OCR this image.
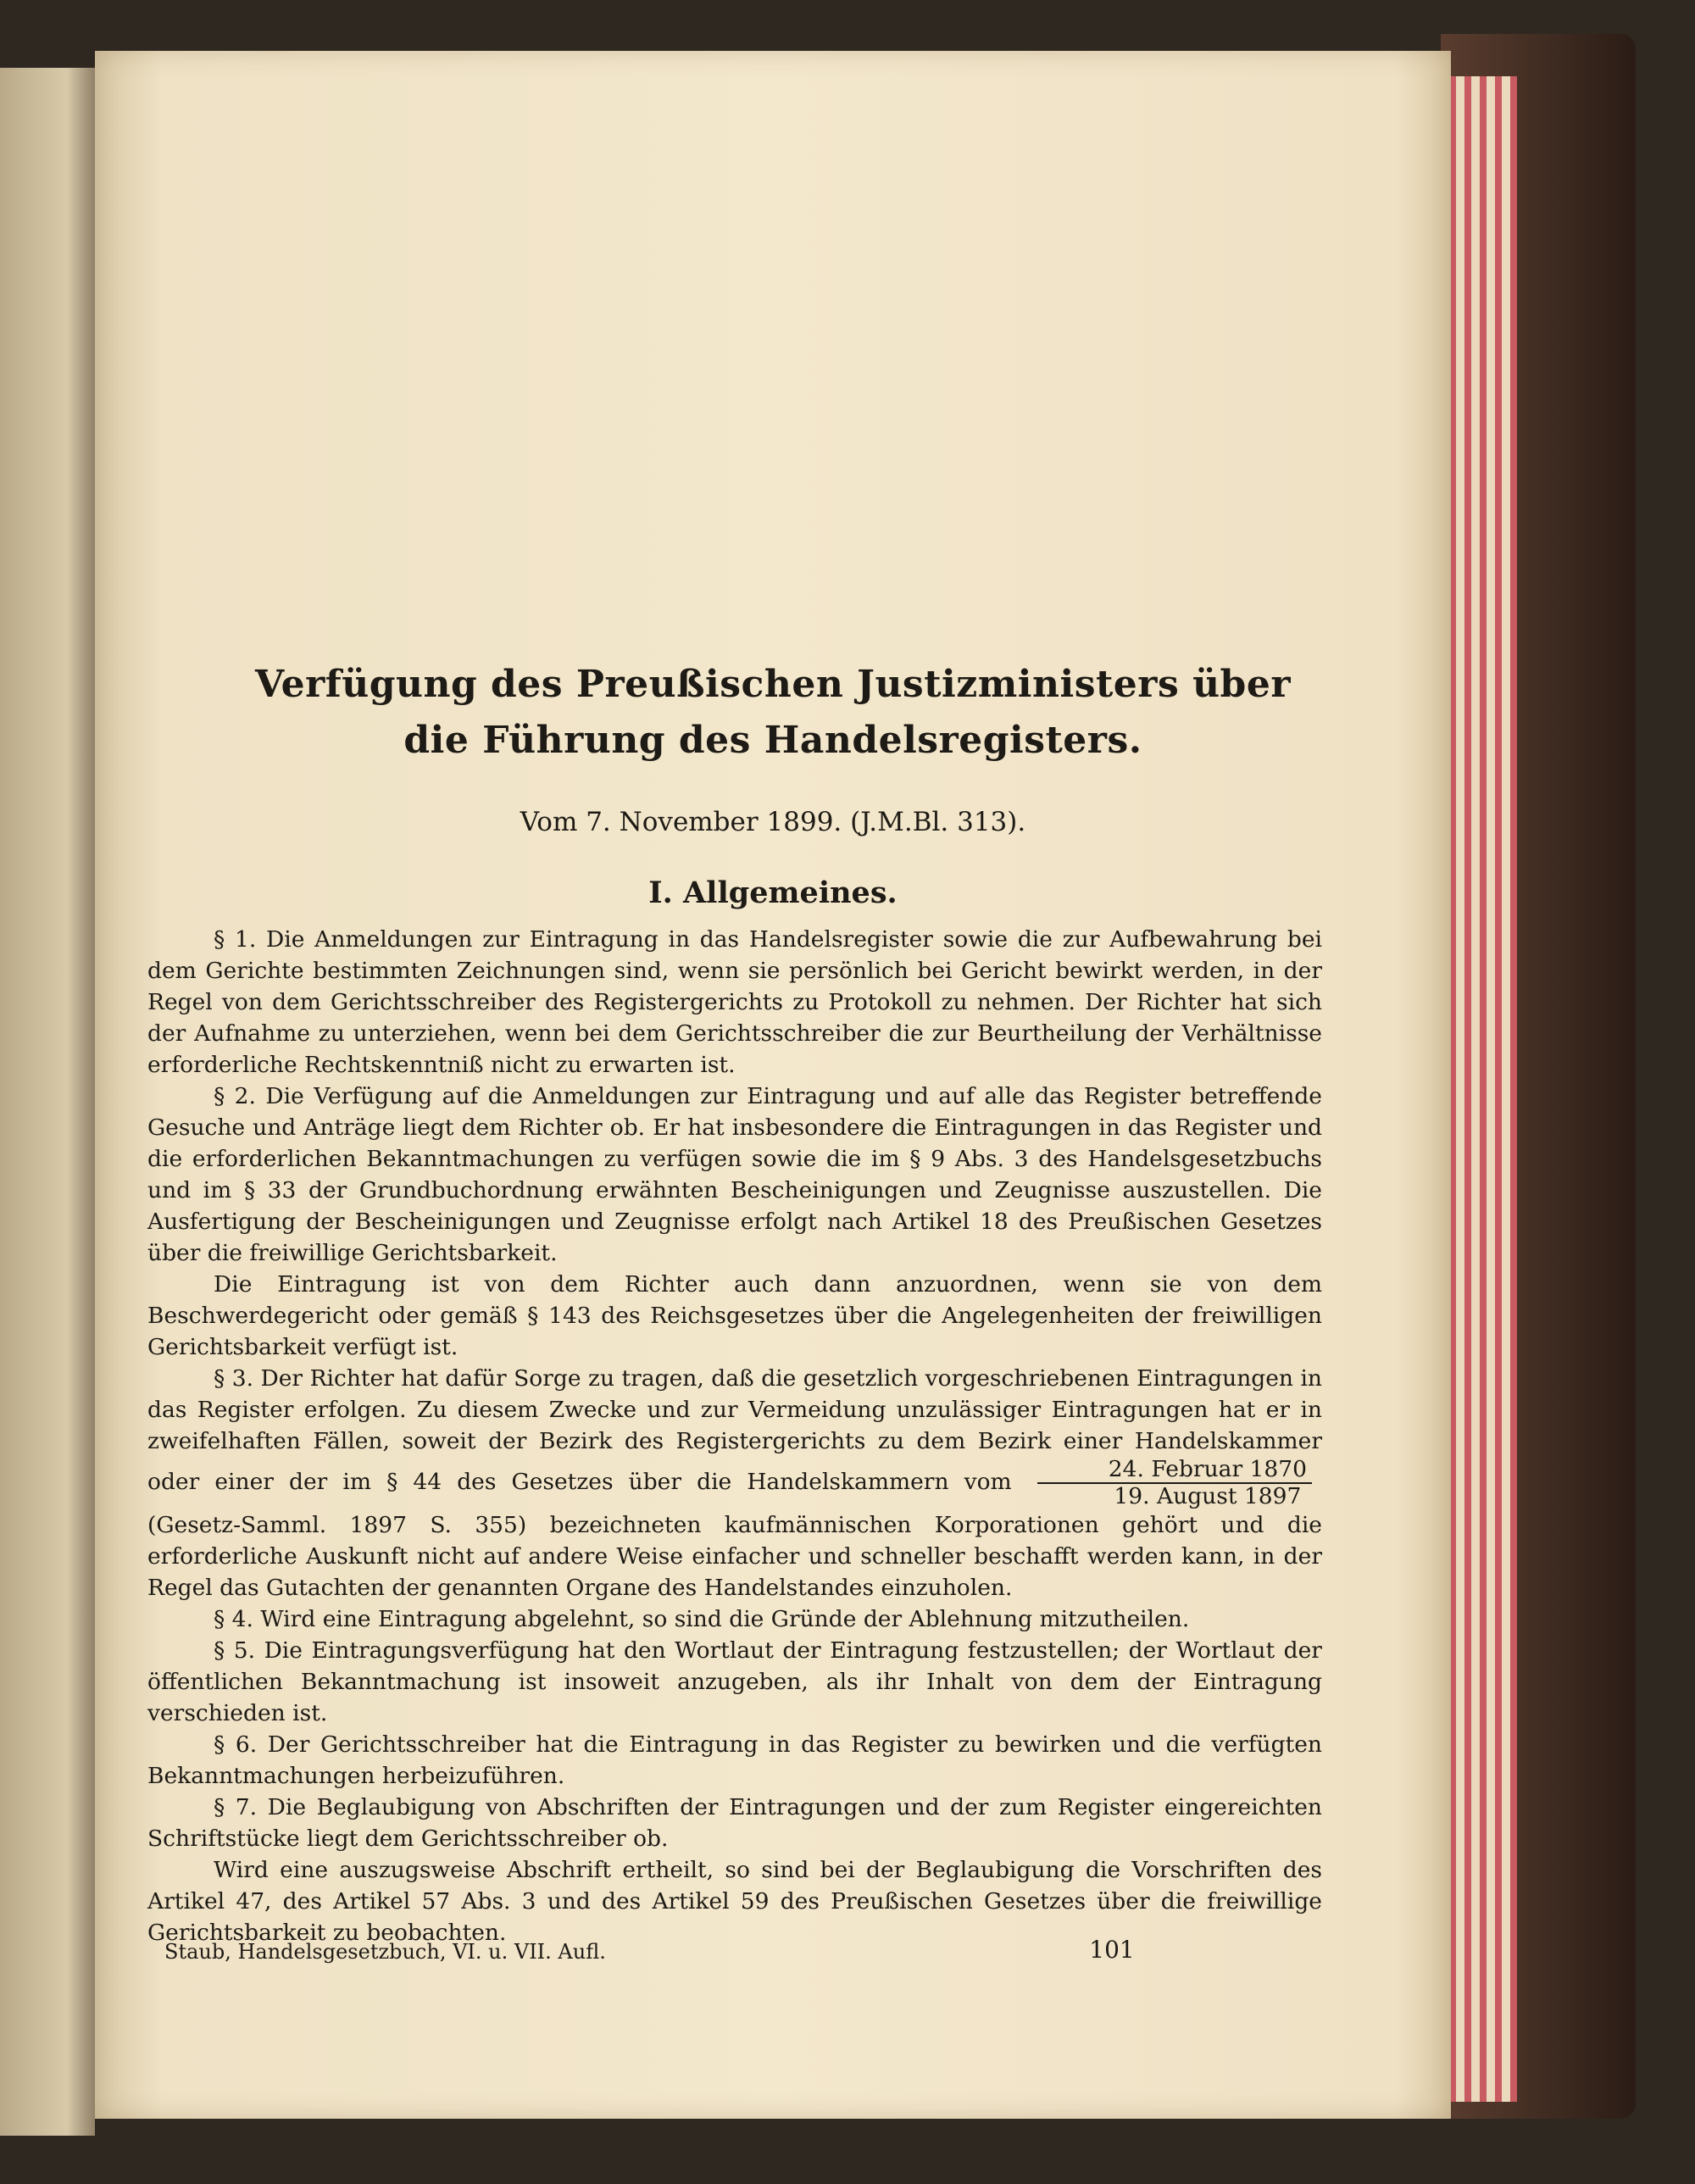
Verfügung des Preußischen Justizministers über die Führung des Handelsregisters.
Vom 7. November 1899. (J.M.Bl. 313).
I. Allgemeines.

§ 1. Die Anmeldungen zur Eintragung in das Handelsregister sowie die zur Aufbewahrung bei dem Gerichte bestimmten Zeichnungen sind, wenn sie persönlich bei Gericht bewirkt werden, in der Regel von dem Gerichtsschreiber des Registergerichts zu Protokoll zu nehmen. Der Richter hat sich der Aufnahme zu unterziehen, wenn bei dem Gerichtsschreiber die zur Beurtheilung der Verhältnisse erforderliche Rechtskenntniß nicht zu erwarten ist.

§ 2. Die Verfügung auf die Anmeldungen zur Eintragung und auf alle das Register betreffende Gesuche und Anträge liegt dem Richter ob. Er hat insbesondere die Eintragungen in das Register und die erforderlichen Bekanntmachungen zu verfügen sowie die im § 9 Abs. 3 des Handelsgesetzbuchs und im § 33 der Grundbuchordnung erwähnten Bescheinigungen und Zeugnisse auszustellen. Die Ausfertigung der Bescheinigungen und Zeugnisse erfolgt nach Artikel 18 des Preußischen Gesetzes über die freiwillige Gerichtsbarkeit.

Die Eintragung ist von dem Richter auch dann anzuordnen, wenn sie von dem Beschwerdegericht oder gemäß § 143 des Reichsgesetzes über die Angelegenheiten der freiwilligen Gerichtsbarkeit verfügt ist.

§ 3. Der Richter hat dafür Sorge zu tragen, daß die gesetzlich vorgeschriebenen Eintragungen in das Register erfolgen. Zu diesem Zwecke und zur Vermeidung unzulässiger Eintragungen hat er in zweifelhaften Fällen, soweit der Bezirk des Registergerichts zu dem Bezirk einer Handelskammer oder einer der im § 44 des Gesetzes über die Handelskammern vom $\frac{\text{24. Februar 1870}}{\text{19. August 1897}}$
(Gesetz-Samml. 1897 S. 355) bezeichneten kaufmännischen Korporationen gehört und die erforderliche Auskunft nicht auf andere Weise einfacher und schneller beschafft werden kann, in der Regel das Gutachten der genannten Organe des Handelstandes einzuholen.

§ 4. Wird eine Eintragung abgelehnt, so sind die Gründe der Ablehnung mitzutheilen.

§ 5. Die Eintragungsverfügung hat den Wortlaut der Eintragung festzustellen; der Wortlaut der öffentlichen Bekanntmachung ist insoweit anzugeben, als ihr Inhalt von dem der Eintragung verschieden ist.

§ 6. Der Gerichtsschreiber hat die Eintragung in das Register zu bewirken und die verfügten Bekanntmachungen herbeizuführen.

§ 7. Die Beglaubigung von Abschriften der Eintragungen und der zum Register eingereichten Schriftstücke liegt dem Gerichtsschreiber ob.

Wird eine auszugsweise Abschrift ertheilt, so sind bei der Beglaubigung die Vorschriften des Artikel 47, des Artikel 57 Abs. 3 und des Artikel 59 des Preußischen Gesetzes über die freiwillige Gerichtsbarkeit zu beobachten.

Staub, Handelsgesetzbuch, VI. u. VII. Aufl.	101
